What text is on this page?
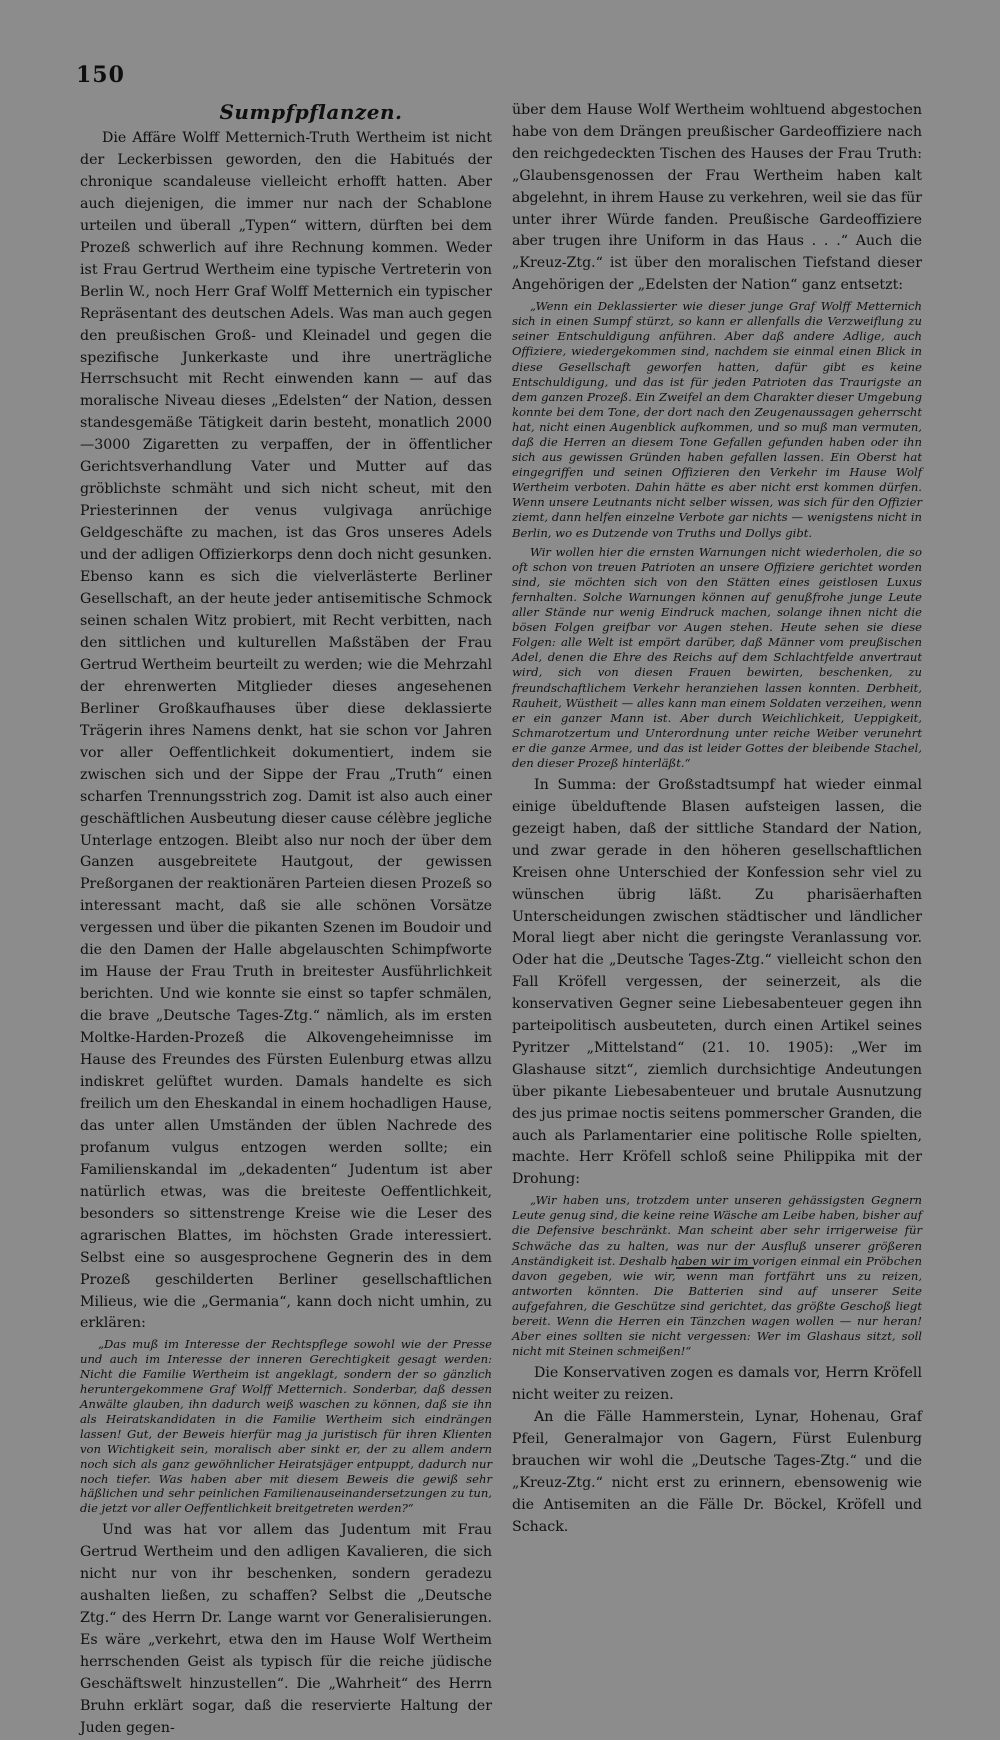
150
Sumpfpflanzen.

Die Affäre Wolff Metternich-Truth Wertheim ist nicht der Leckerbissen geworden, den die Habitués der chronique scandaleuse vielleicht erhofft hatten. Aber auch diejenigen, die immer nur nach der Schablone urteilen und überall „Typen“ wittern, dürften bei dem Prozeß schwerlich auf ihre Rechnung kommen. Weder ist Frau Gertrud Wertheim eine typische Vertreterin von Berlin W., noch Herr Graf Wolff Metternich ein typischer Repräsentant des deutschen Adels. Was man auch gegen den preußischen Groß- und Kleinadel und gegen die spezifische Junkerkaste und ihre unerträgliche Herrschsucht mit Recht einwenden kann — auf das moralische Niveau dieses „Edelsten“ der Nation, dessen standesgemäße Tätigkeit darin besteht, monatlich 2000—3000 Zigaretten zu verpaffen, der in öffentlicher Gerichtsverhandlung Vater und Mutter auf das gröblichste schmäht und sich nicht scheut, mit den Priesterinnen der venus vulgivaga anrüchige Geldgeschäfte zu machen, ist das Gros unseres Adels und der adligen Offizierkorps denn doch nicht gesunken. Ebenso kann es sich die vielverlästerte Berliner Gesellschaft, an der heute jeder antisemitische Schmock seinen schalen Witz probiert, mit Recht verbitten, nach den sittlichen und kulturellen Maßstäben der Frau Gertrud Wertheim beurteilt zu werden; wie die Mehrzahl der ehrenwerten Mitglieder dieses angesehenen Berliner Großkaufhauses über diese deklassierte Trägerin ihres Namens denkt, hat sie schon vor Jahren vor aller Oeffentlichkeit dokumentiert, indem sie zwischen sich und der Sippe der Frau „Truth“ einen scharfen Trennungsstrich zog. Damit ist also auch einer geschäftlichen Ausbeutung dieser cause célèbre jegliche Unterlage entzogen. Bleibt also nur noch der über dem Ganzen ausgebreitete Hautgout, der gewissen Preßorganen der reaktionären Parteien diesen Prozeß so interessant macht, daß sie alle schönen Vorsätze vergessen und über die pikanten Szenen im Boudoir und die den Damen der Halle abgelauschten Schimpfworte im Hause der Frau Truth in breitester Ausführlichkeit berichten. Und wie konnte sie einst so tapfer schmälen, die brave „Deutsche Tages-Ztg.“ nämlich, als im ersten Moltke-Harden-Prozeß die Alkovengeheimnisse im Hause des Freundes des Fürsten Eulenburg etwas allzu indiskret gelüftet wurden. Damals handelte es sich freilich um den Eheskandal in einem hochadligen Hause, das unter allen Umständen der üblen Nachrede des profanum vulgus entzogen werden sollte; ein Familienskandal im „dekadenten“ Judentum ist aber natürlich etwas, was die breiteste Oeffentlichkeit, besonders so sittenstrenge Kreise wie die Leser des agrarischen Blattes, im höchsten Grade interessiert. Selbst eine so ausgesprochene Gegnerin des in dem Prozeß geschilderten Berliner gesellschaftlichen Milieus, wie die „Germania“, kann doch nicht umhin, zu erklären:

„Das muß im Interesse der Rechtspflege sowohl wie der Presse und auch im Interesse der inneren Gerechtigkeit gesagt werden: Nicht die Familie Wertheim ist angeklagt, sondern der so gänzlich heruntergekommene Graf Wolff Metternich. Sonderbar, daß dessen Anwälte glauben, ihn dadurch weiß waschen zu können, daß sie ihn als Heiratskandidaten in die Familie Wertheim sich eindrängen lassen! Gut, der Beweis hierfür mag ja juristisch für ihren Klienten von Wichtigkeit sein, moralisch aber sinkt er, der zu allem andern noch sich als ganz gewöhnlicher Heiratsjäger entpuppt, dadurch nur noch tiefer. Was haben aber mit diesem Beweis die gewiß sehr häßlichen und sehr peinlichen Familienauseinandersetzungen zu tun, die jetzt vor aller Oeffentlichkeit breitgetreten werden?“

Und was hat vor allem das Judentum mit Frau Gertrud Wertheim und den adligen Kavalieren, die sich nicht nur von ihr beschenken, sondern geradezu aushalten ließen, zu schaffen? Selbst die „Deutsche Ztg.“ des Herrn Dr. Lange warnt vor Generalisierungen. Es wäre „verkehrt, etwa den im Hause Wolf Wertheim herrschenden Geist als typisch für die reiche jüdische Geschäftswelt hinzustellen“. Die „Wahrheit“ des Herrn Bruhn erklärt sogar, daß die reservierte Haltung der Juden gegen-

über dem Hause Wolf Wertheim wohltuend abgestochen habe von dem Drängen preußischer Gardeoffiziere nach den reichgedeckten Tischen des Hauses der Frau Truth: „Glaubensgenossen der Frau Wertheim haben kalt abgelehnt, in ihrem Hause zu verkehren, weil sie das für unter ihrer Würde fanden. Preußische Gardeoffiziere aber trugen ihre Uniform in das Haus . . .“ Auch die „Kreuz-Ztg.“ ist über den moralischen Tiefstand dieser Angehörigen der „Edelsten der Nation“ ganz entsetzt:

„Wenn ein Deklassierter wie dieser junge Graf Wolff Metternich sich in einen Sumpf stürzt, so kann er allenfalls die Verzweiflung zu seiner Entschuldigung anführen. Aber daß andere Adlige, auch Offiziere, wiedergekommen sind, nachdem sie einmal einen Blick in diese Gesellschaft geworfen hatten, dafür gibt es keine Entschuldigung, und das ist für jeden Patrioten das Traurigste an dem ganzen Prozeß. Ein Zweifel an dem Charakter dieser Umgebung konnte bei dem Tone, der dort nach den Zeugenaussagen geherrscht hat, nicht einen Augenblick aufkommen, und so muß man vermuten, daß die Herren an diesem Tone Gefallen gefunden haben oder ihn sich aus gewissen Gründen haben gefallen lassen. Ein Oberst hat eingegriffen und seinen Offizieren den Verkehr im Hause Wolf Wertheim verboten. Dahin hätte es aber nicht erst kommen dürfen. Wenn unsere Leutnants nicht selber wissen, was sich für den Offizier ziemt, dann helfen einzelne Verbote gar nichts — wenigstens nicht in Berlin, wo es Dutzende von Truths und Dollys gibt.

Wir wollen hier die ernsten Warnungen nicht wiederholen, die so oft schon von treuen Patrioten an unsere Offiziere gerichtet worden sind, sie möchten sich von den Stätten eines geistlosen Luxus fernhalten. Solche Warnungen können auf genußfrohe junge Leute aller Stände nur wenig Eindruck machen, solange ihnen nicht die bösen Folgen greifbar vor Augen stehen. Heute sehen sie diese Folgen: alle Welt ist empört darüber, daß Männer vom preußischen Adel, denen die Ehre des Reichs auf dem Schlachtfelde anvertraut wird, sich von diesen Frauen bewirten, beschenken, zu freundschaftlichem Verkehr heranziehen lassen konnten. Derbheit, Rauheit, Wüstheit — alles kann man einem Soldaten verzeihen, wenn er ein ganzer Mann ist. Aber durch Weichlichkeit, Ueppigkeit, Schmarotzertum und Unterordnung unter reiche Weiber verunehrt er die ganze Armee, und das ist leider Gottes der bleibende Stachel, den dieser Prozeß hinterläßt.“

In Summa: der Großstadtsumpf hat wieder einmal einige übelduftende Blasen aufsteigen lassen, die gezeigt haben, daß der sittliche Standard der Nation, und zwar gerade in den höheren gesellschaftlichen Kreisen ohne Unterschied der Konfession sehr viel zu wünschen übrig läßt. Zu pharisäerhaften Unterscheidungen zwischen städtischer und ländlicher Moral liegt aber nicht die geringste Veranlassung vor. Oder hat die „Deutsche Tages-Ztg.“ vielleicht schon den Fall Kröfell vergessen, der seinerzeit, als die konservativen Gegner seine Liebesabenteuer gegen ihn parteipolitisch ausbeuteten, durch einen Artikel seines Pyritzer „Mittelstand“ (21. 10. 1905): „Wer im Glashause sitzt“, ziemlich durchsichtige Andeutungen über pikante Liebesabenteuer und brutale Ausnutzung des jus primae noctis seitens pommerscher Granden, die auch als Parlamentarier eine politische Rolle spielten, machte. Herr Kröfell schloß seine Philippika mit der Drohung:

„Wir haben uns, trotzdem unter unseren gehässigsten Gegnern Leute genug sind, die keine reine Wäsche am Leibe haben, bisher auf die Defensive beschränkt. Man scheint aber sehr irrigerweise für Schwäche das zu halten, was nur der Ausfluß unserer größeren Anständigkeit ist. Deshalb haben wir im vorigen einmal ein Pröbchen davon gegeben, wie wir, wenn man fortfährt uns zu reizen, antworten könnten. Die Batterien sind auf unserer Seite aufgefahren, die Geschütze sind gerichtet, das größte Geschoß liegt bereit. Wenn die Herren ein Tänzchen wagen wollen — nur heran! Aber eines sollten sie nicht vergessen: Wer im Glashaus sitzt, soll nicht mit Steinen schmeißen!“

Die Konservativen zogen es damals vor, Herrn Kröfell nicht weiter zu reizen.

An die Fälle Hammerstein, Lynar, Hohenau, Graf Pfeil, Generalmajor von Gagern, Fürst Eulenburg brauchen wir wohl die „Deutsche Tages-Ztg.“ und die „Kreuz-Ztg.“ nicht erst zu erinnern, ebensowenig wie die Antisemiten an die Fälle Dr. Böckel, Kröfell und Schack.
